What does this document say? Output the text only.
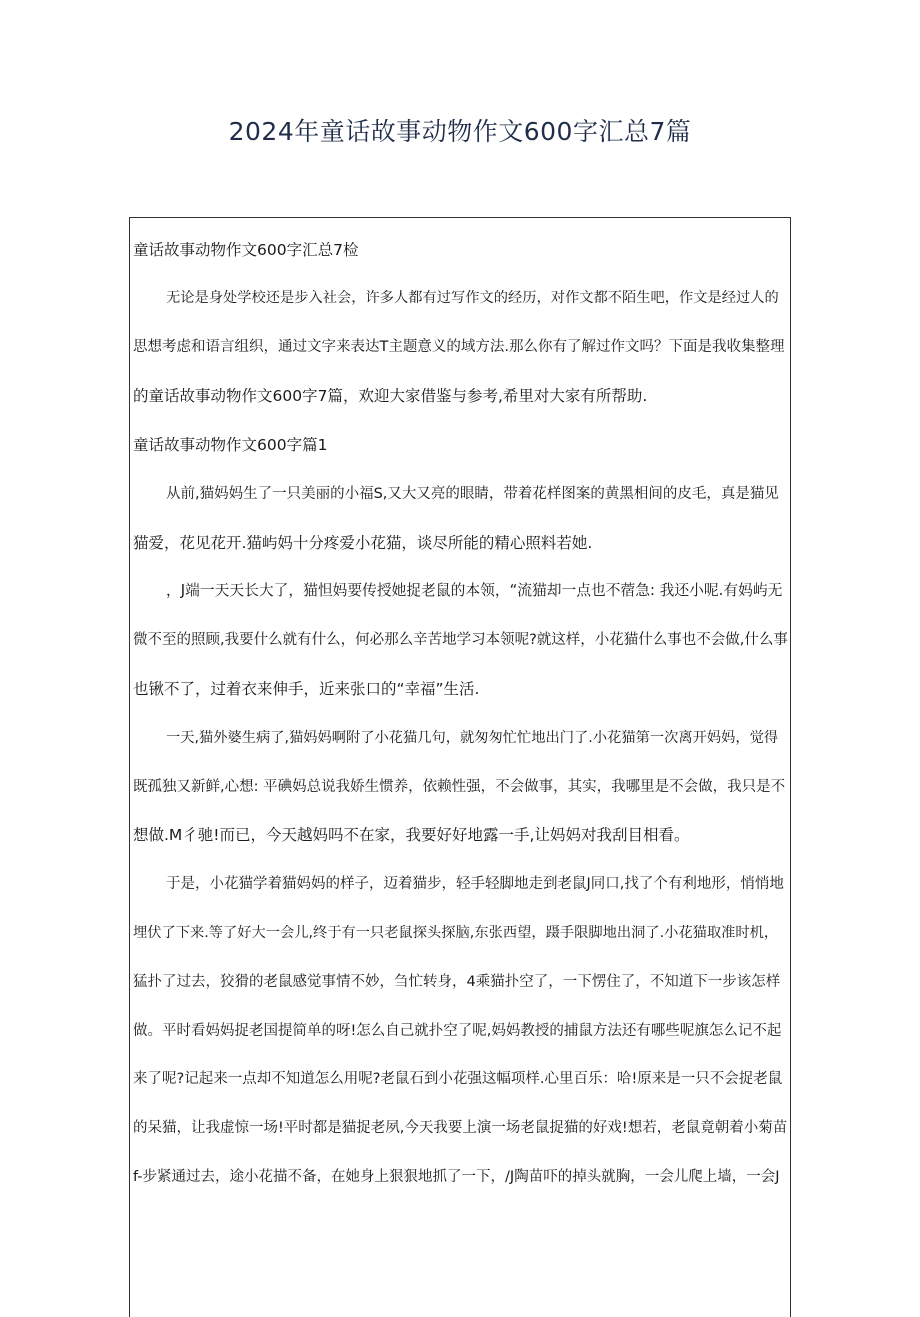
2024年童话故事动物作文600字汇总7篇
童话故事动物作文600字汇总7检
无论是身处学校还是步入社会，许多人都有过写作文的经历，对作文都不陌生吧，作文是经过人的
思想考虑和语言组织，通过文字来表达T主题意义的域方法.那么你有了解过作文吗？下面是我收集整理
的童话故事动物作文600字7篇，欢迎大家借鉴与参考,希里对大家有所帮助.
童话故事动物作文600字篇1
从前,猫妈妈生了一只美丽的小福S,又大又亮的眼睛，带着花样图案的黄黑相间的皮毛，真是猫见
猫爱，花见花开.猫屿妈十分疼爱小花猫，谈尽所能的精心照料若她.
，J端一天天长大了，猫怛妈要传授她捉老鼠的本领，“流猫却一点也不蓿急: 我还小呢.有妈屿无
微不至的照顾,我要什么就有什么，何必那么辛苦地学习本领呢?就这样，小花猫什么事也不会做,什么事
也锹不了，过着衣来伸手，近来张口的“幸福”生活.
一天,猫外婆生病了,猫妈妈啊附了小花猫几句，就匆匆忙忙地出门了.小花猫第一次离开妈妈，觉得
既孤独又新鲜,心想: 平碘妈总说我娇生惯养，依赖性强，不会做事，其实，我哪里是不会做，我只是不
想做.M彳驰!而已，今天越妈吗不在家，我要好好地露一手,让妈妈对我刮目相看。
于是，小花猫学着猫妈妈的样子，迈着猫步，轻手轻脚地走到老鼠J同口,找了个有利地形，悄悄地
埋伏了下来.等了好大一会儿,终于有一只老鼠探头探脑,东张西望，蹑手限脚地出洞了.小花猫取准时机，
猛扑了过去，狡猾的老鼠感觉事情不妙，刍忙转身，4乘猫扑空了，一下愣住了，不知道下一步该怎样
做。平时看妈妈捉老国提简单的呀!怎么自己就扑空了呢,妈妈教授的捕鼠方法还有哪些呢旗怎么记不起
来了呢?记起来一点却不知道怎么用呢?老鼠石到小花强这幅项样.心里百乐：哈!原来是一只不会捉老鼠
的呆猫，让我虚惊一场!平时都是猫捉老夙,今天我要上演一场老鼠捉猫的好戏!想若，老鼠竟朝着小菊苗
f-步紧通过去，途小花描不备，在她身上狠狠地抓了一下，/J陶苗吓的掉头就胸，一会儿爬上墙，一会J
